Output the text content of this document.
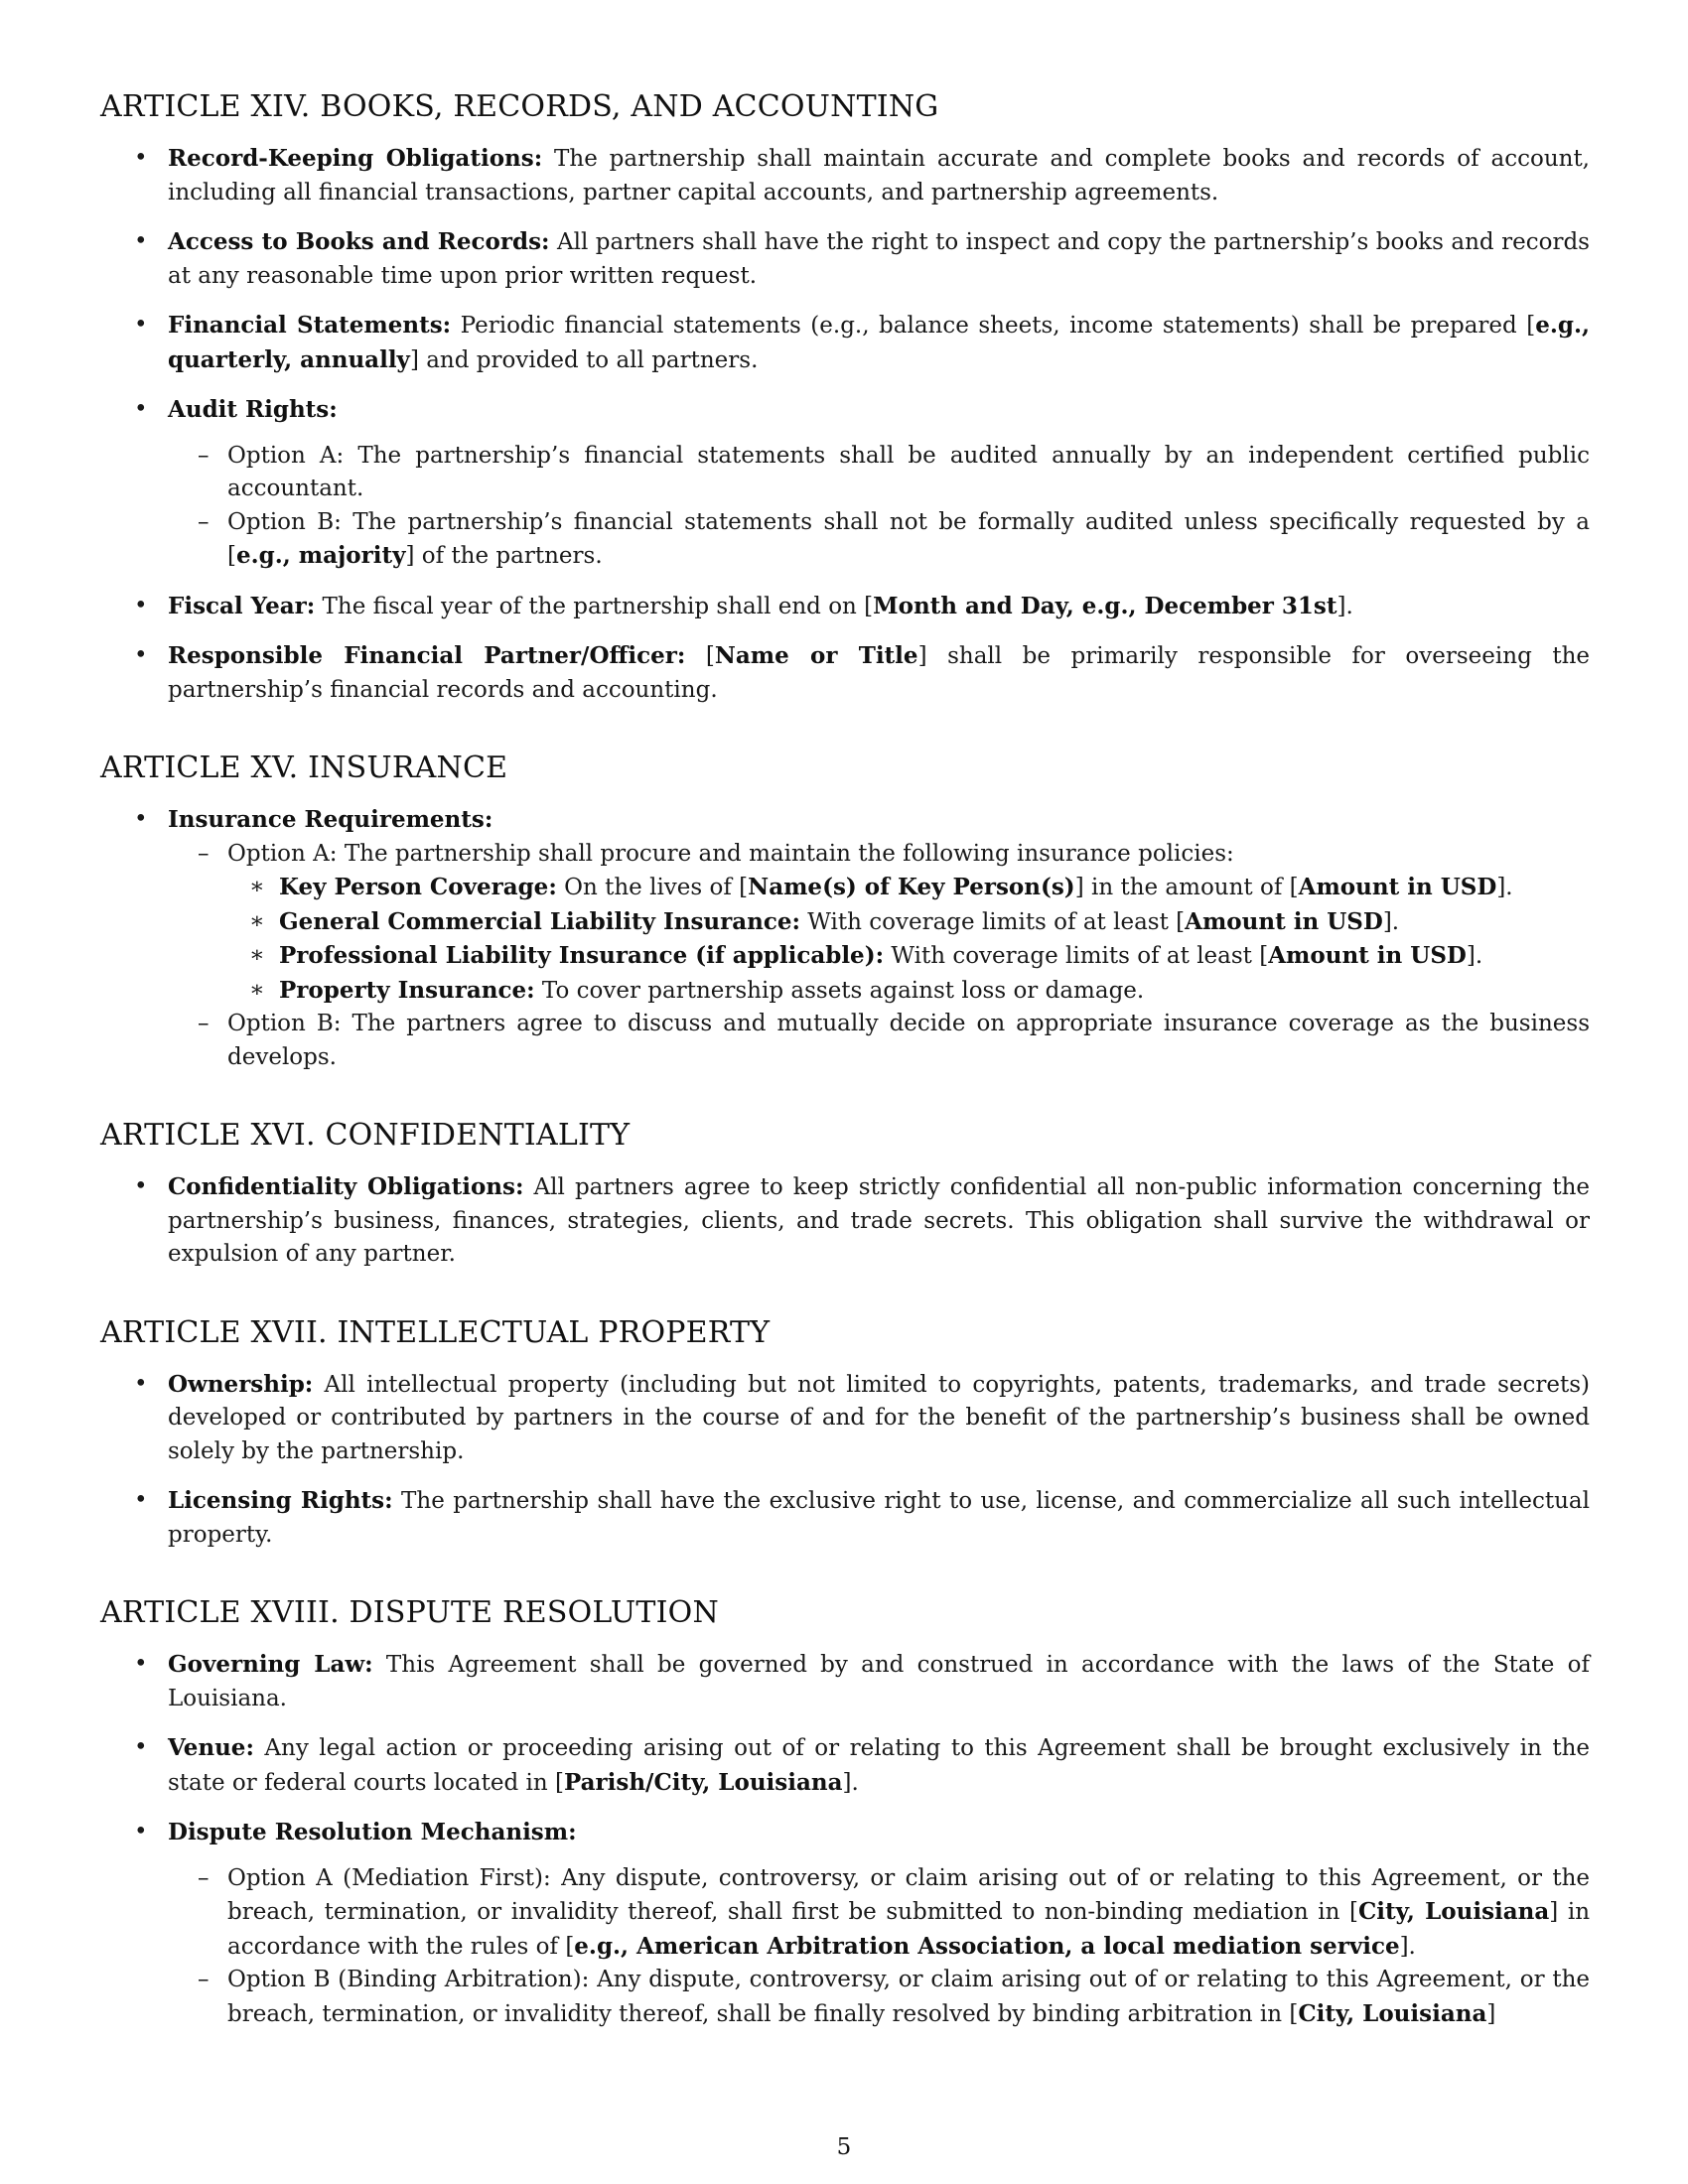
ARTICLE XIV. BOOKS, RECORDS, AND ACCOUNTING
• Record-Keeping Obligations: The partnership shall maintain accurate and complete books and records of account, including all financial transactions, partner capital accounts, and partnership agreements.
• Access to Books and Records: All partners shall have the right to inspect and copy the partnership’s books and records at any reasonable time upon prior written request.
• Financial Statements: Periodic financial statements (e.g., balance sheets, income statements) shall be prepared [e.g., quarterly, annually] and provided to all partners.
• Audit Rights:
– Option A: The partnership’s financial statements shall be audited annually by an independent certified public accountant.
– Option B: The partnership’s financial statements shall not be formally audited unless specifically requested by a [e.g., majority] of the partners.
• Fiscal Year: The fiscal year of the partnership shall end on [Month and Day, e.g., December 31st].
• Responsible Financial Partner/Officer: [Name or Title] shall be primarily responsible for overseeing the partnership’s financial records and accounting.
ARTICLE XV. INSURANCE
• Insurance Requirements:
– Option A: The partnership shall procure and maintain the following insurance policies:
∗ Key Person Coverage: On the lives of [Name(s) of Key Person(s)] in the amount of [Amount in USD].
∗ General Commercial Liability Insurance: With coverage limits of at least [Amount in USD].
∗ Professional Liability Insurance (if applicable): With coverage limits of at least [Amount in USD].
∗ Property Insurance: To cover partnership assets against loss or damage.
– Option B: The partners agree to discuss and mutually decide on appropriate insurance coverage as the business develops.
ARTICLE XVI. CONFIDENTIALITY
• Confidentiality Obligations: All partners agree to keep strictly confidential all non-public information concerning the partnership’s business, finances, strategies, clients, and trade secrets. This obligation shall survive the withdrawal or expulsion of any partner.
ARTICLE XVII. INTELLECTUAL PROPERTY
• Ownership: All intellectual property (including but not limited to copyrights, patents, trademarks, and trade secrets) developed or contributed by partners in the course of and for the benefit of the partnership’s business shall be owned solely by the partnership.
• Licensing Rights: The partnership shall have the exclusive right to use, license, and commercialize all such intellectual property.
ARTICLE XVIII. DISPUTE RESOLUTION
• Governing Law: This Agreement shall be governed by and construed in accordance with the laws of the State of Louisiana.
• Venue: Any legal action or proceeding arising out of or relating to this Agreement shall be brought exclusively in the state or federal courts located in [Parish/City, Louisiana].
• Dispute Resolution Mechanism:
– Option A (Mediation First): Any dispute, controversy, or claim arising out of or relating to this Agreement, or the breach, termination, or invalidity thereof, shall first be submitted to non-binding mediation in [City, Louisiana] in accordance with the rules of [e.g., American Arbitration Association, a local mediation service].
– Option B (Binding Arbitration): Any dispute, controversy, or claim arising out of or relating to this Agreement, or the breach, termination, or invalidity thereof, shall be finally resolved by binding arbitration in [City, Louisiana]
5
